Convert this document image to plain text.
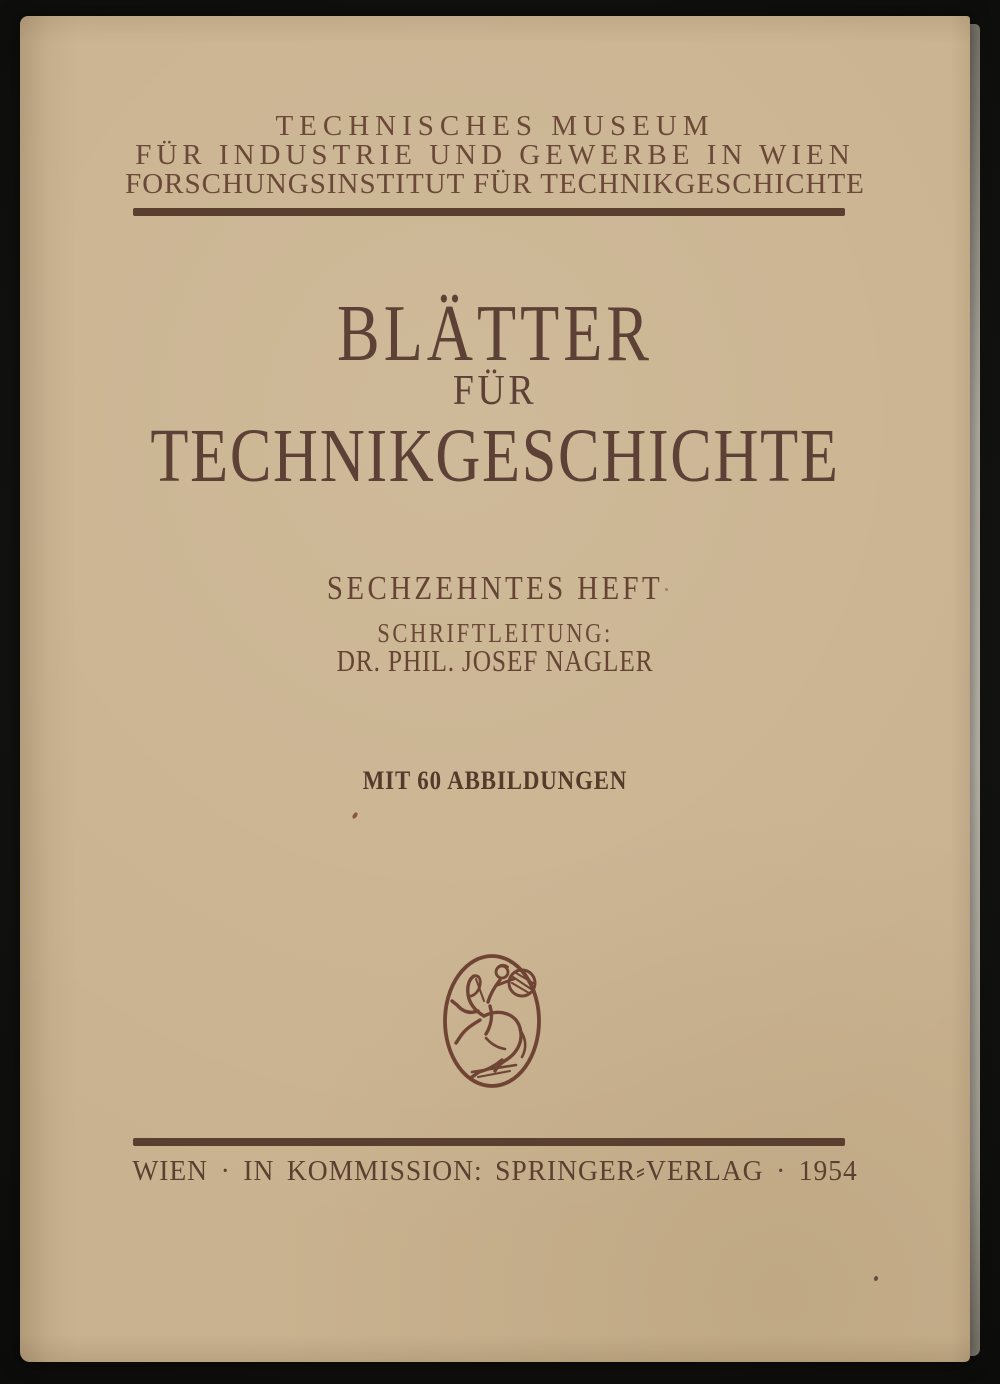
TECHNISCHES MUSEUM
FÜR INDUSTRIE UND GEWERBE IN WIEN
FORSCHUNGSINSTITUT FÜR TECHNIKGESCHICHTE
BLÄTTER
FÜR
TECHNIKGESCHICHTE
SECHZEHNTES HEFT
SCHRIFTLEITUNG:
DR. PHIL. JOSEF NAGLER
MIT 60 ABBILDUNGEN
WIEN · IN KOMMISSION: SPRINGER⸗VERLAG · 1954
